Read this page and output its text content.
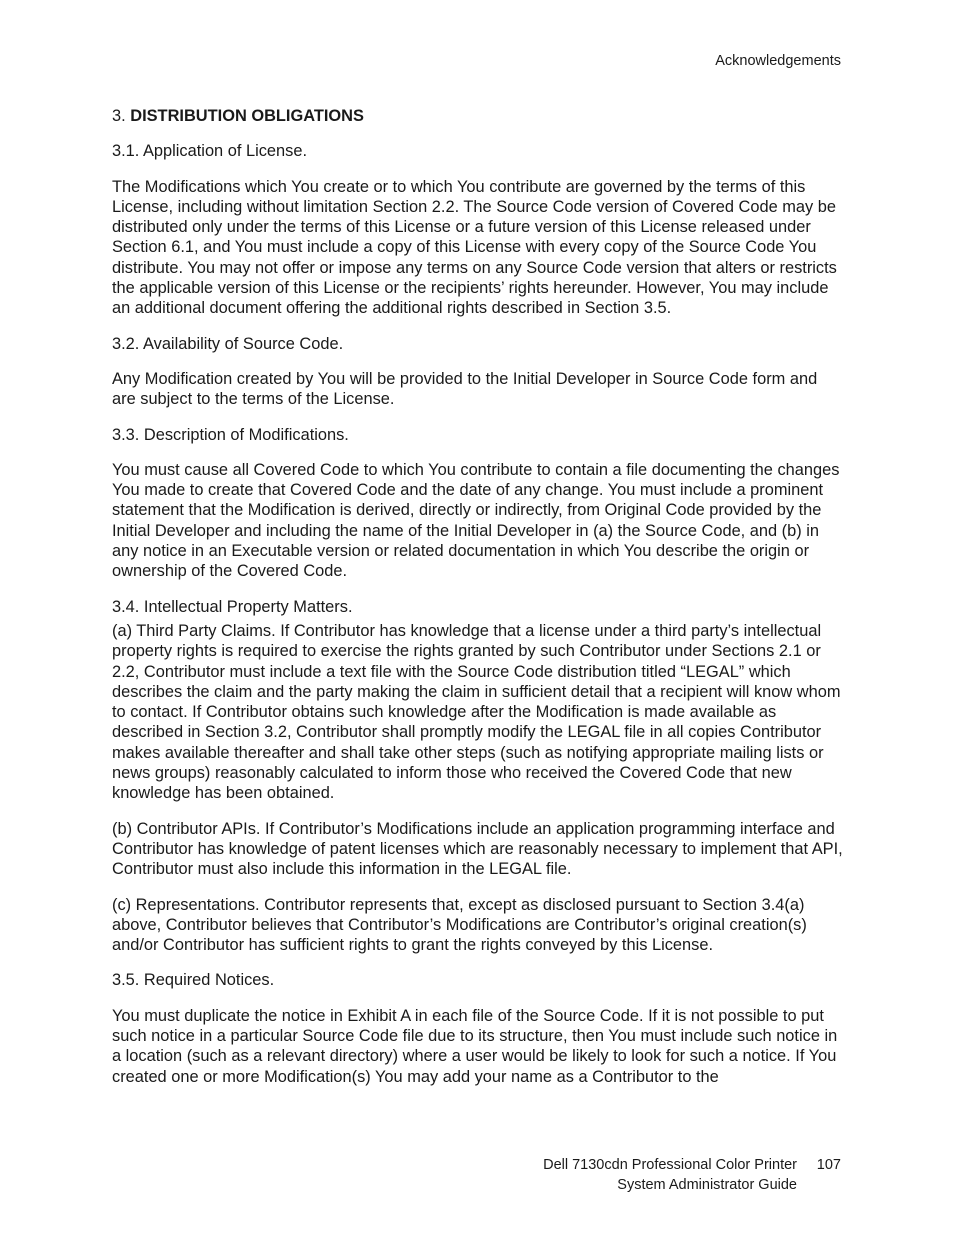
Acknowledgements

3. DISTRIBUTION OBLIGATIONS

3.1. Application of License.

The Modifications which You create or to which You contribute are governed by the terms of this License, including without limitation Section 2.2. The Source Code version of Covered Code may be distributed only under the terms of this License or a future version of this License released under Section 6.1, and You must include a copy of this License with every copy of the Source Code You distribute. You may not offer or impose any terms on any Source Code version that alters or restricts the applicable version of this License or the recipients’ rights hereunder. However, You may include an additional document offering the additional rights described in Section 3.5.

3.2. Availability of Source Code.

Any Modification created by You will be provided to the Initial Developer in Source Code form and are subject to the terms of the License.

3.3. Description of Modifications.

You must cause all Covered Code to which You contribute to contain a file documenting the changes You made to create that Covered Code and the date of any change. You must include a prominent statement that the Modification is derived, directly or indirectly, from Original Code provided by the Initial Developer and including the name of the Initial Developer in (a) the Source Code, and (b) in any notice in an Executable version or related documentation in which You describe the origin or ownership of the Covered Code.

3.4. Intellectual Property Matters.

(a) Third Party Claims. If Contributor has knowledge that a license under a third party’s intellectual property rights is required to exercise the rights granted by such Contributor under Sections 2.1 or 2.2, Contributor must include a text file with the Source Code distribution titled “LEGAL” which describes the claim and the party making the claim in sufficient detail that a recipient will know whom to contact. If Contributor obtains such knowledge after the Modification is made available as described in Section 3.2, Contributor shall promptly modify the LEGAL file in all copies Contributor makes available thereafter and shall take other steps (such as notifying appropriate mailing lists or news groups) reasonably calculated to inform those who received the Covered Code that new knowledge has been obtained.

(b) Contributor APIs. If Contributor’s Modifications include an application programming interface and Contributor has knowledge of patent licenses which are reasonably necessary to implement that API, Contributor must also include this information in the LEGAL file.

(c) Representations. Contributor represents that, except as disclosed pursuant to Section 3.4(a) above, Contributor believes that Contributor’s Modifications are Contributor’s original creation(s) and/or Contributor has sufficient rights to grant the rights conveyed by this License.

3.5. Required Notices.

You must duplicate the notice in Exhibit A in each file of the Source Code. If it is not possible to put such notice in a particular Source Code file due to its structure, then You must include such notice in a location (such as a relevant directory) where a user would be likely to look for such a notice. If You created one or more Modification(s) You may add your name as a Contributor to the

Dell 7130cdn Professional Color Printer	107
System Administrator Guide
